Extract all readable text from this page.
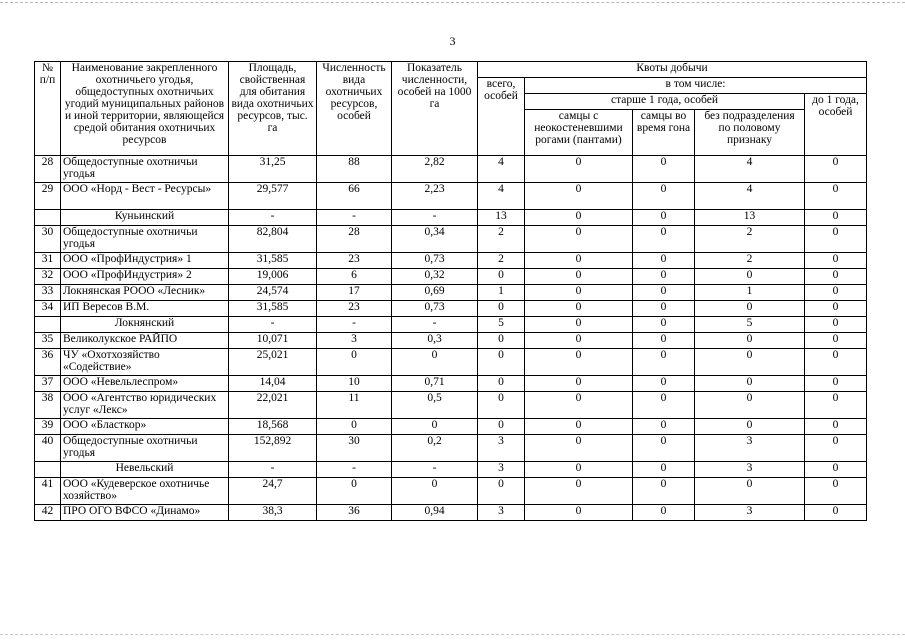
3
№ п/п	Наименование закрепленного охотничьего угодья, общедоступных охотничьих угодий муниципальных районов и иной территории, являющейся средой обитания охотничьих ресурсов	Площадь, свойственная для обитания вида охотничьих ресурсов, тыс. га	Численность вида охотничьих ресурсов, особей	Показатель численности, особей на 1000 га	Квоты добычи				
					всего, особей	в том числе:			
						старше 1 года, особей			до 1 года, особей
						самцы с неокостеневшими рогами (пантами)	самцы во время гона	без подразделения по половому признаку	
28	Общедоступные охотничьи угодья	31,25	88	2,82	4	0	0	4	0
29	ООО «Норд - Вест - Ресурсы»	29,577	66	2,23	4	0	0	4	0
	Куньинский	-	-	-	13	0	0	13	0
30	Общедоступные охотничьи угодья	82,804	28	0,34	2	0	0	2	0
31	ООО «ПрофИндустрия» 1	31,585	23	0,73	2	0	0	2	0
32	ООО «ПрофИндустрия» 2	19,006	6	0,32	0	0	0	0	0
33	Локнянская РООО «Лесник»	24,574	17	0,69	1	0	0	1	0
34	ИП Вересов В.М.	31,585	23	0,73	0	0	0	0	0
	Локнянский	-	-	-	5	0	0	5	0
35	Великолукское РАЙПО	10,071	3	0,3	0	0	0	0	0
36	ЧУ «Охотхозяйство «Содействие»	25,021	0	0	0	0	0	0	0
37	ООО «Невельлеспром»	14,04	10	0,71	0	0	0	0	0
38	ООО «Агентство юридических услуг «Лекс»	22,021	11	0,5	0	0	0	0	0
39	ООО «Бласткор»	18,568	0	0	0	0	0	0	0
40	Общедоступные охотничьи угодья	152,892	30	0,2	3	0	0	3	0
	Невельский	-	-	-	3	0	0	3	0
41	ООО «Кудеверское охотничье хозяйство»	24,7	0	0	0	0	0	0	0
42	ПРО ОГО ВФСО «Динамо»	38,3	36	0,94	3	0	0	3	0
